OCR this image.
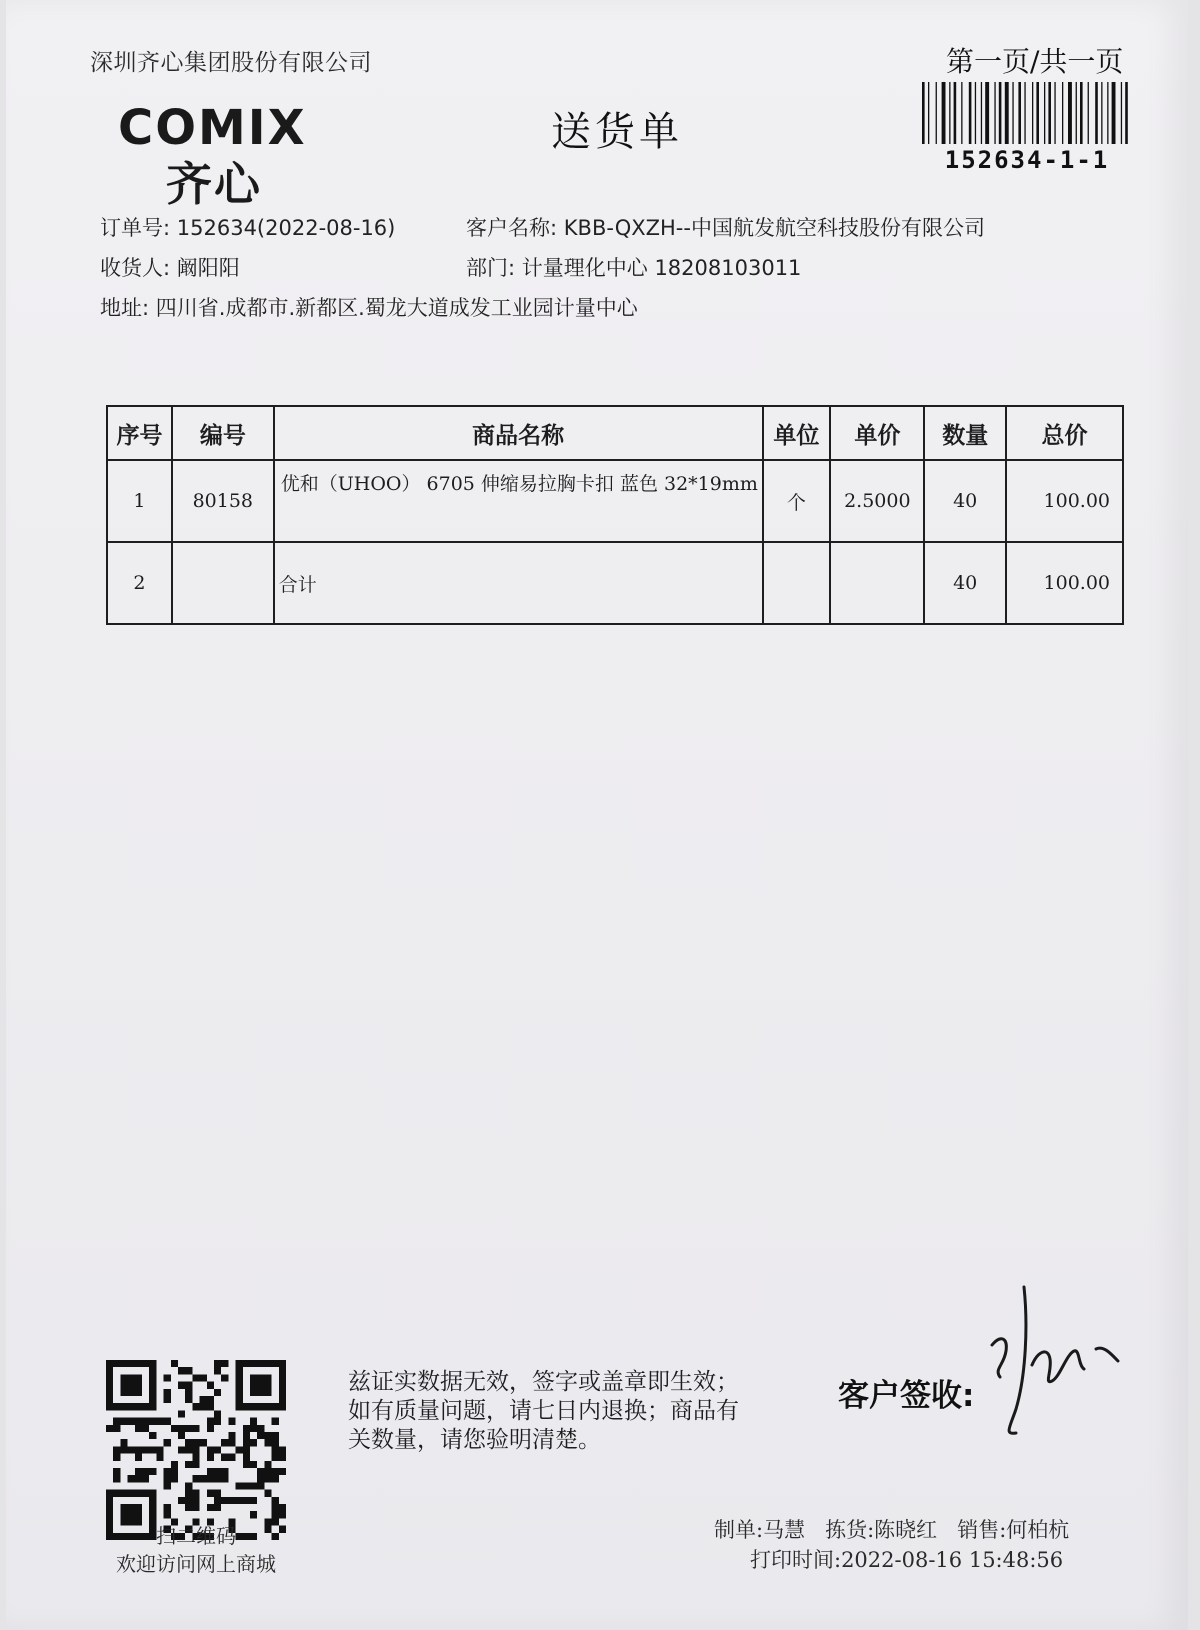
深圳齐心集团股份有限公司	第一页/共一页
COMIX
齐心
送货单
152634-1-1
订单号: 152634(2022-08-16)	客户名称: KBB-QXZH--中国航发航空科技股份有限公司
收货人: 阚阳阳	部门: 计量理化中心 18208103011
地址: 四川省.成都市.新都区.蜀龙大道成发工业园计量中心
序号	编号	商品名称	单位	单价	数量	总价
1	80158	优和（UHOO） 6705 伸缩易拉胸卡扣 蓝色 32*19mm	个	2.5000	40	100.00
2		合计			40	100.00
扫二维码
欢迎访问网上商城
兹证实数据无效，签字或盖章即生效；如有质量问题，请七日内退换；商品有关数量，请您验明清楚。
客户签收:
制单:马慧 拣货:陈晓红 销售:何柏杭
打印时间:2022-08-16 15:48:56
